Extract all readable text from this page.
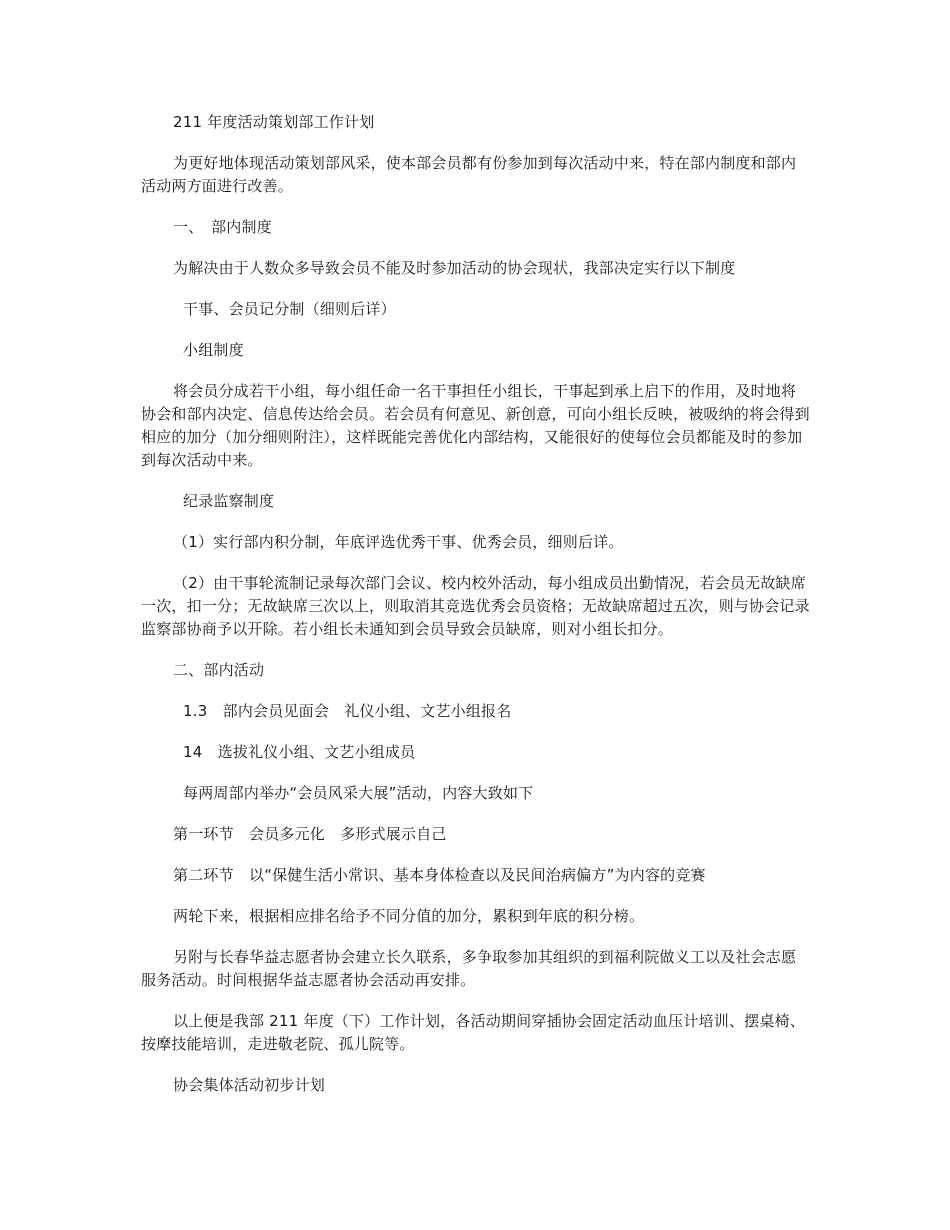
211 年度活动策划部工作计划

为更好地体现活动策划部风采，使本部会员都有份参加到每次活动中来，特在部内制度和部内活动两方面进行改善。

一、　部内制度

为解决由于人数众多导致会员不能及时参加活动的协会现状，我部决定实行以下制度

干事、会员记分制（细则后详）

小组制度

将会员分成若干小组，每小组任命一名干事担任小组长，干事起到承上启下的作用，及时地将协会和部内决定、信息传达给会员。若会员有何意见、新创意，可向小组长反映，被吸纳的将会得到相应的加分（加分细则附注），这样既能完善优化内部结构，又能很好的使每位会员都能及时的参加到每次活动中来。

纪录监察制度

（1）实行部内积分制，年底评选优秀干事、优秀会员，细则后详。

（2）由干事轮流制记录每次部门会议、校内校外活动，每小组成员出勤情况，若会员无故缺席一次，扣一分；无故缺席三次以上，则取消其竞选优秀会员资格；无故缺席超过五次，则与协会记录监察部协商予以开除。若小组长未通知到会员导致会员缺席，则对小组长扣分。

二、部内活动

1.3　部内会员见面会　礼仪小组、文艺小组报名

14　选拔礼仪小组、文艺小组成员

每两周部内举办“会员风采大展”活动，内容大致如下

第一环节　会员多元化　多形式展示自己

第二环节　以“保健生活小常识、基本身体检查以及民间治病偏方”为内容的竞赛

两轮下来，根据相应排名给予不同分值的加分，累积到年底的积分榜。

另附与长春华益志愿者协会建立长久联系，多争取参加其组织的到福利院做义工以及社会志愿服务活动。时间根据华益志愿者协会活动再安排。

以上便是我部 211 年度（下）工作计划，各活动期间穿插协会固定活动血压计培训、摆桌椅、按摩技能培训，走进敬老院、孤儿院等。

协会集体活动初步计划
